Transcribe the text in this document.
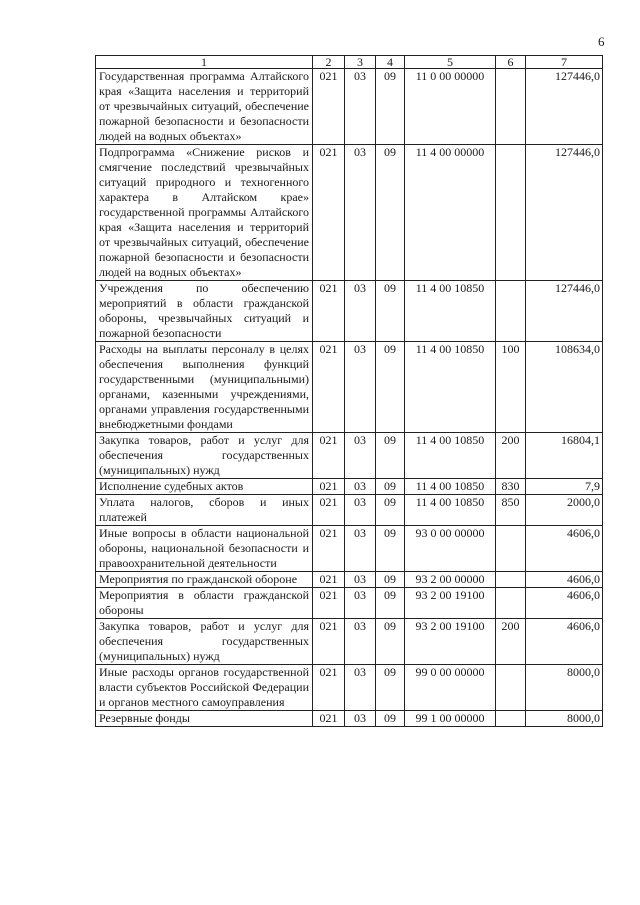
6
1	2	3	4	5	6	7
Государственная программа Алтайского края «Защита населения и территорий от чрезвычайных ситуаций, обеспечение пожарной безопасности и безопасности людей на водных объектах»	021	03	09	11 0 00 00000		127446,0
Подпрограмма «Снижение рисков и смягчение последствий чрезвычайных ситуаций природного и техногенного характера в Алтайском крае» государственной программы Алтайского края «Защита населения и территорий от чрезвычайных ситуаций, обеспечение пожарной безопасности и безопасности людей на водных объектах»	021	03	09	11 4 00 00000		127446,0
Учреждения по обеспечению мероприятий в области гражданской обороны, чрезвычайных ситуаций и пожарной безопасности	021	03	09	11 4 00 10850		127446,0
Расходы на выплаты персоналу в целях обеспечения выполнения функций государственными (муниципальными) органами, казенными учреждениями, органами управления государственными внебюджетными фондами	021	03	09	11 4 00 10850	100	108634,0
Закупка товаров, работ и услуг для обеспечения государственных (муниципальных) нужд	021	03	09	11 4 00 10850	200	16804,1
Исполнение судебных актов	021	03	09	11 4 00 10850	830	7,9
Уплата налогов, сборов и иных платежей	021	03	09	11 4 00 10850	850	2000,0
Иные вопросы в области национальной обороны, национальной безопасности и правоохранительной деятельности	021	03	09	93 0 00 00000		4606,0
Мероприятия по гражданской обороне	021	03	09	93 2 00 00000		4606,0
Мероприятия в области гражданской обороны	021	03	09	93 2 00 19100		4606,0
Закупка товаров, работ и услуг для обеспечения государственных (муниципальных) нужд	021	03	09	93 2 00 19100	200	4606,0
Иные расходы органов государственной власти субъектов Российской Федерации и органов местного самоуправления	021	03	09	99 0 00 00000		8000,0
Резервные фонды	021	03	09	99 1 00 00000		8000,0
